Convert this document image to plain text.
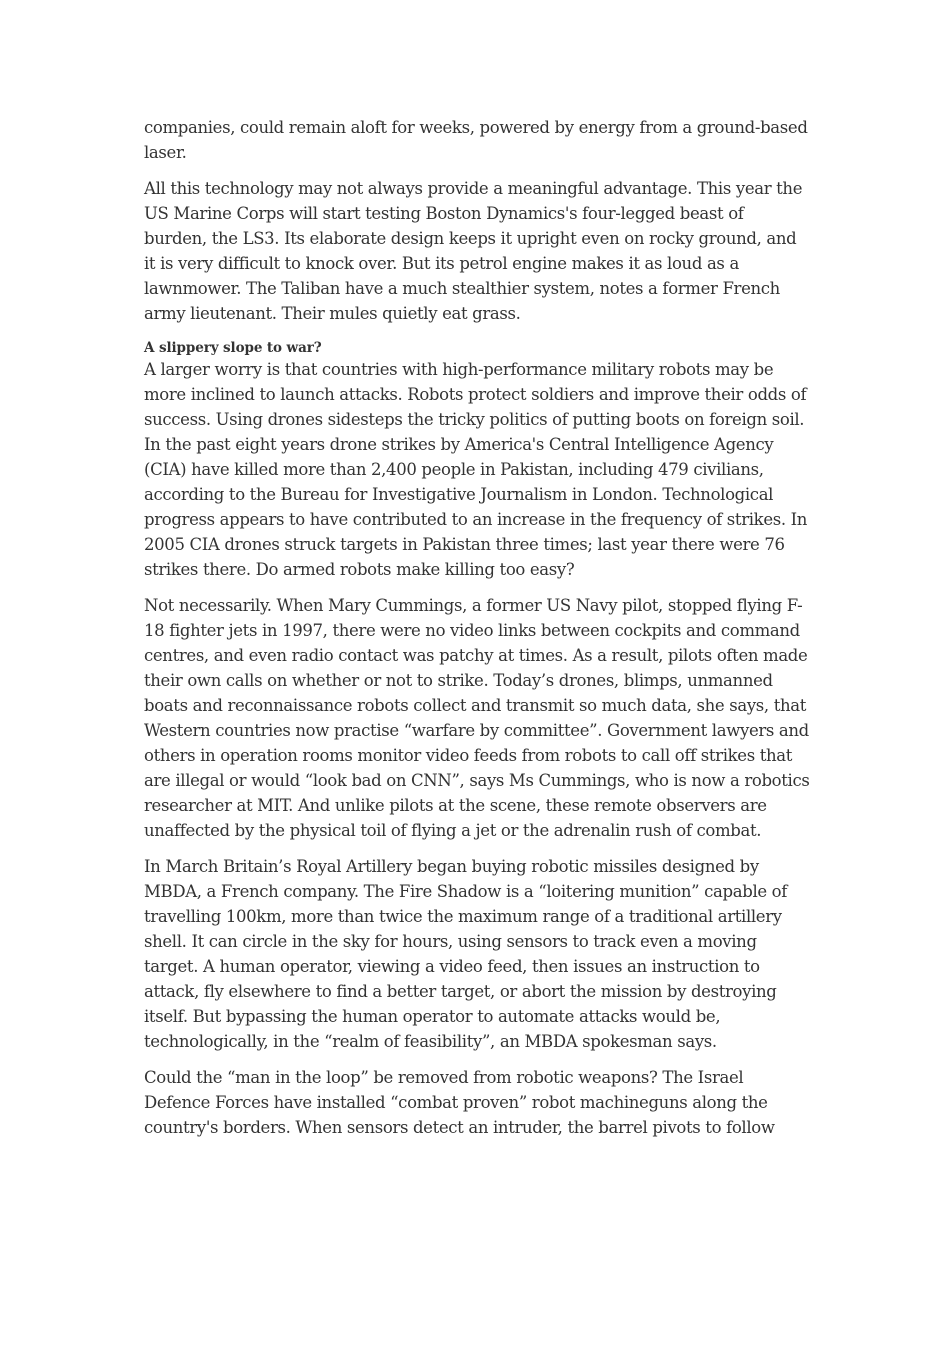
companies, could remain aloft for weeks, powered by energy from a ground-based laser.

All this technology may not always provide a meaningful advantage. This year the US Marine Corps will start testing Boston Dynamics's four-legged beast of burden, the LS3. Its elaborate design keeps it upright even on rocky ground, and it is very difficult to knock over. But its petrol engine makes it as loud as a lawnmower. The Taliban have a much stealthier system, notes a former French army lieutenant. Their mules quietly eat grass.

A slippery slope to war?

A larger worry is that countries with high-performance military robots may be more inclined to launch attacks. Robots protect soldiers and improve their odds of success. Using drones sidesteps the tricky politics of putting boots on foreign soil. In the past eight years drone strikes by America's Central Intelligence Agency (CIA) have killed more than 2,400 people in Pakistan, including 479 civilians, according to the Bureau for Investigative Journalism in London. Technological progress appears to have contributed to an increase in the frequency of strikes. In 2005 CIA drones struck targets in Pakistan three times; last year there were 76 strikes there. Do armed robots make killing too easy?

Not necessarily. When Mary Cummings, a former US Navy pilot, stopped flying F-18 fighter jets in 1997, there were no video links between cockpits and command centres, and even radio contact was patchy at times. As a result, pilots often made their own calls on whether or not to strike. Today’s drones, blimps, unmanned boats and reconnaissance robots collect and transmit so much data, she says, that Western countries now practise “warfare by committee”. Government lawyers and others in operation rooms monitor video feeds from robots to call off strikes that are illegal or would “look bad on CNN”, says Ms Cummings, who is now a robotics researcher at MIT. And unlike pilots at the scene, these remote observers are unaffected by the physical toil of flying a jet or the adrenalin rush of combat.

In March Britain’s Royal Artillery began buying robotic missiles designed by MBDA, a French company. The Fire Shadow is a “loitering munition” capable of travelling 100km, more than twice the maximum range of a traditional artillery shell. It can circle in the sky for hours, using sensors to track even a moving target. A human operator, viewing a video feed, then issues an instruction to attack, fly elsewhere to find a better target, or abort the mission by destroying itself. But bypassing the human operator to automate attacks would be, technologically, in the “realm of feasibility”, an MBDA spokesman says.

Could the “man in the loop” be removed from robotic weapons? The Israel Defence Forces have installed “combat proven” robot machineguns along the country's borders. When sensors detect an intruder, the barrel pivots to follow
